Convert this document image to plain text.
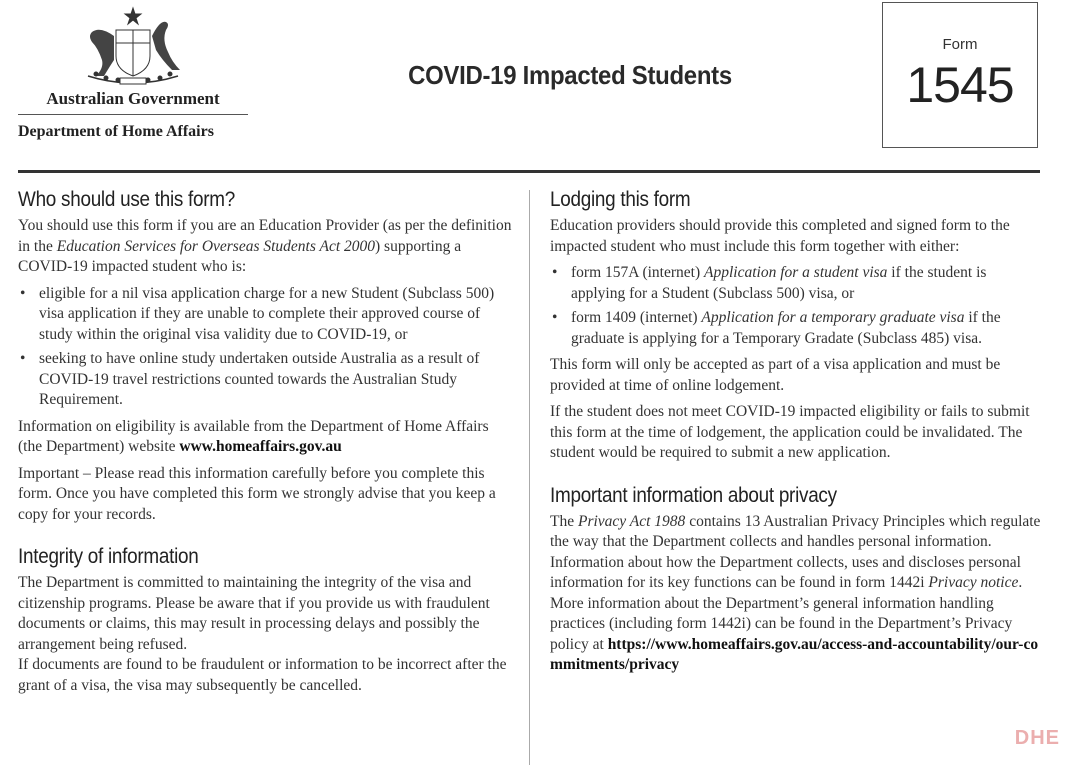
Australian Government
Department of Home Affairs
COVID-19 Impacted Students
Form
1545
Who should use this form?

You should use this form if you are an Education Provider (as per the definition in the Education Services for Overseas Students Act 2000) supporting a COVID-19 impacted student who is:

• eligible for a nil visa application charge for a new Student (Subclass 500) visa application if they are unable to complete their approved course of study within the original visa validity due to COVID-19, or
• seeking to have online study undertaken outside Australia as a result of COVID-19 travel restrictions counted towards the Australian Study Requirement.

Information on eligibility is available from the Department of Home Affairs (the Department) website www.homeaffairs.gov.au

Important – Please read this information carefully before you complete this form. Once you have completed this form we strongly advise that you keep a copy for your records.

Integrity of information

The Department is committed to maintaining the integrity of the visa and citizenship programs. Please be aware that if you provide us with fraudulent documents or claims, this may result in processing delays and possibly the arrangement being refused.

If documents are found to be fraudulent or information to be incorrect after the grant of a visa, the visa may subsequently be cancelled.

Lodging this form

Education providers should provide this completed and signed form to the impacted student who must include this form together with either:

• form 157A (internet) Application for a student visa if the student is applying for a Student (Subclass 500) visa, or
• form 1409 (internet) Application for a temporary graduate visa if the graduate is applying for a Temporary Gradate (Subclass 485) visa.

This form will only be accepted as part of a visa application and must be provided at time of online lodgement.

If the student does not meet COVID-19 impacted eligibility or fails to submit this form at the time of lodgement, the application could be invalidated. The student would be required to submit a new application.

Important information about privacy

The Privacy Act 1988 contains 13 Australian Privacy Principles which regulate the way that the Department collects and handles personal information. Information about how the Department collects, uses and discloses personal information for its key functions can be found in form 1442i Privacy notice. More information about the Department’s general information handling practices (including form 1442i) can be found in the Department’s Privacy policy at https://www.homeaffairs.gov.au/access-and-accountability/our-commitments/privacy

DHE
